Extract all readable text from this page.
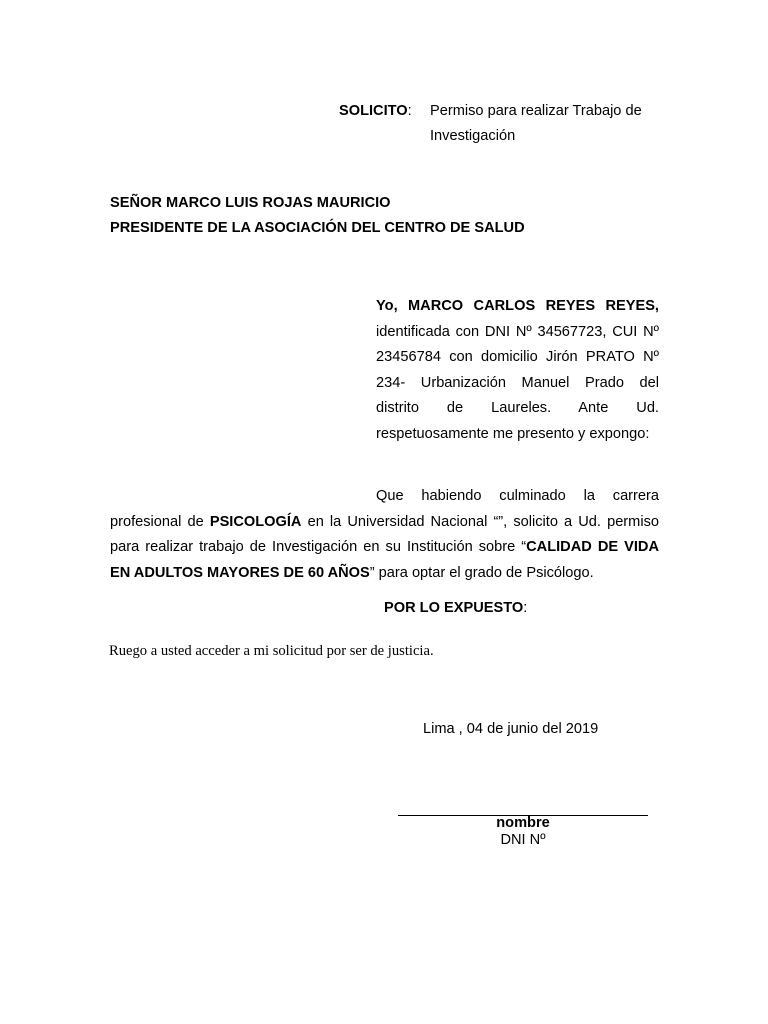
SOLICITO: Permiso para realizar Trabajo de Investigación
SEÑOR MARCO LUIS ROJAS MAURICIO
PRESIDENTE DE LA ASOCIACIÓN DEL CENTRO DE SALUD
Yo, MARCO CARLOS REYES REYES, identificada con DNI Nº 34567723, CUI Nº 23456784 con domicilio Jirón PRATO Nº 234- Urbanización Manuel Prado del distrito de Laureles. Ante Ud. respetuosamente me presento y expongo:
Que habiendo culminado la carrera profesional de PSICOLOGÍA en la Universidad Nacional “”, solicito a Ud. permiso para realizar trabajo de Investigación en su Institución sobre “CALIDAD DE VIDA EN ADULTOS MAYORES DE 60 AÑOS” para optar el grado de Psicólogo.
POR LO EXPUESTO:
Ruego a usted acceder a mi solicitud por ser de justicia.
Lima , 04 de junio del 2019
nombre
DNI Nº
